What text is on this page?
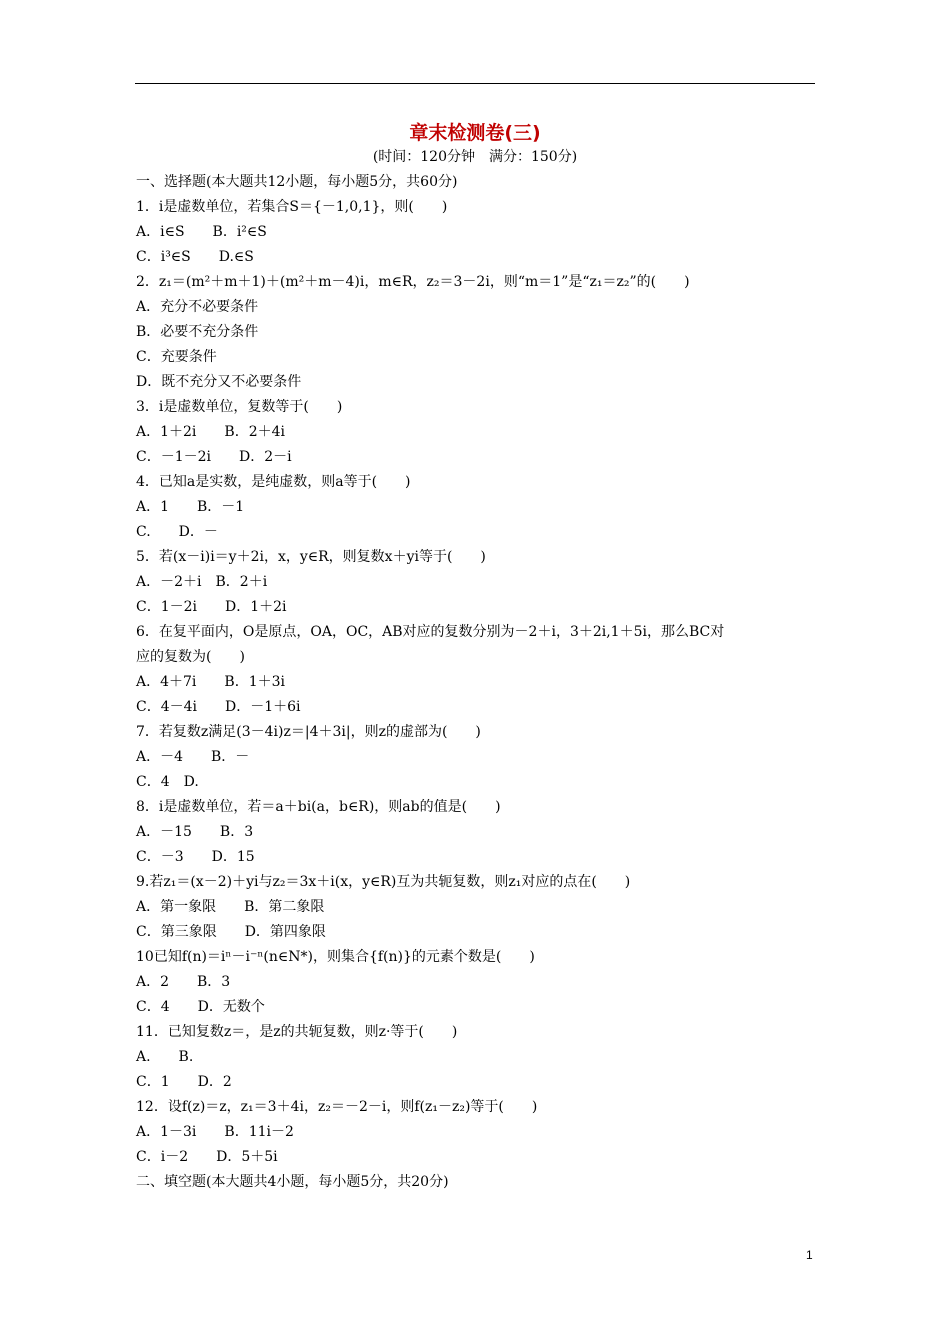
章末检测卷(三)
(时间：120分钟　满分：150分)
一、选择题(本大题共12小题，每小题5分，共60分)
1．i是虚数单位，若集合S＝{－1,0,1}，则(　　)
A．i∈S　　B．i²∈S
C．i³∈S　　D.∈S
2．z₁＝(m²＋m＋1)＋(m²＋m－4)i，m∈R，z₂＝3－2i，则“m＝1”是“z₁＝z₂”的(　　)
A．充分不必要条件
B．必要不充分条件
C．充要条件
D．既不充分又不必要条件
3．i是虚数单位，复数等于(　　)
A．1＋2i　　B．2＋4i
C．－1－2i　　D．2－i
4．已知a是实数，是纯虚数，则a等于(　　)
A．1　　B．－1
C.　　D．－
5．若(x－i)i＝y＋2i，x，y∈R，则复数x＋yi等于(　　)
A．－2＋i　B．2＋i
C．1－2i　　D．1＋2i
6．在复平面内，O是原点，OA，OC，AB对应的复数分别为－2＋i，3＋2i,1＋5i，那么BC对
应的复数为(　　)
A．4＋7i　　B．1＋3i
C．4－4i　　D．－1＋6i
7．若复数z满足(3－4i)z＝|4＋3i|，则z的虚部为(　　)
A．－4　　B．－
C．4　D.
8．i是虚数单位，若＝a＋bi(a，b∈R)，则ab的值是(　　)
A．－15　　B．3
C．－3　　D．15
9.若z₁＝(x－2)＋yi与z₂＝3x＋i(x，y∈R)互为共轭复数，则z₁对应的点在(　　)
A．第一象限　　B．第二象限
C．第三象限　　D．第四象限
10已知f(n)＝iⁿ－i⁻ⁿ(n∈N*)，则集合{f(n)}的元素个数是(　　)
A．2　　B．3
C．4　　D．无数个
11．已知复数z＝，是z的共轭复数，则z·等于(　　)
A.　　B.
C．1　　D．2
12．设f(z)＝z，z₁＝3＋4i，z₂＝－2－i，则f(z₁－z₂)等于(　　)
A．1－3i　　B．11i－2
C．i－2　　D．5＋5i
二、填空题(本大题共4小题，每小题5分，共20分)
1
